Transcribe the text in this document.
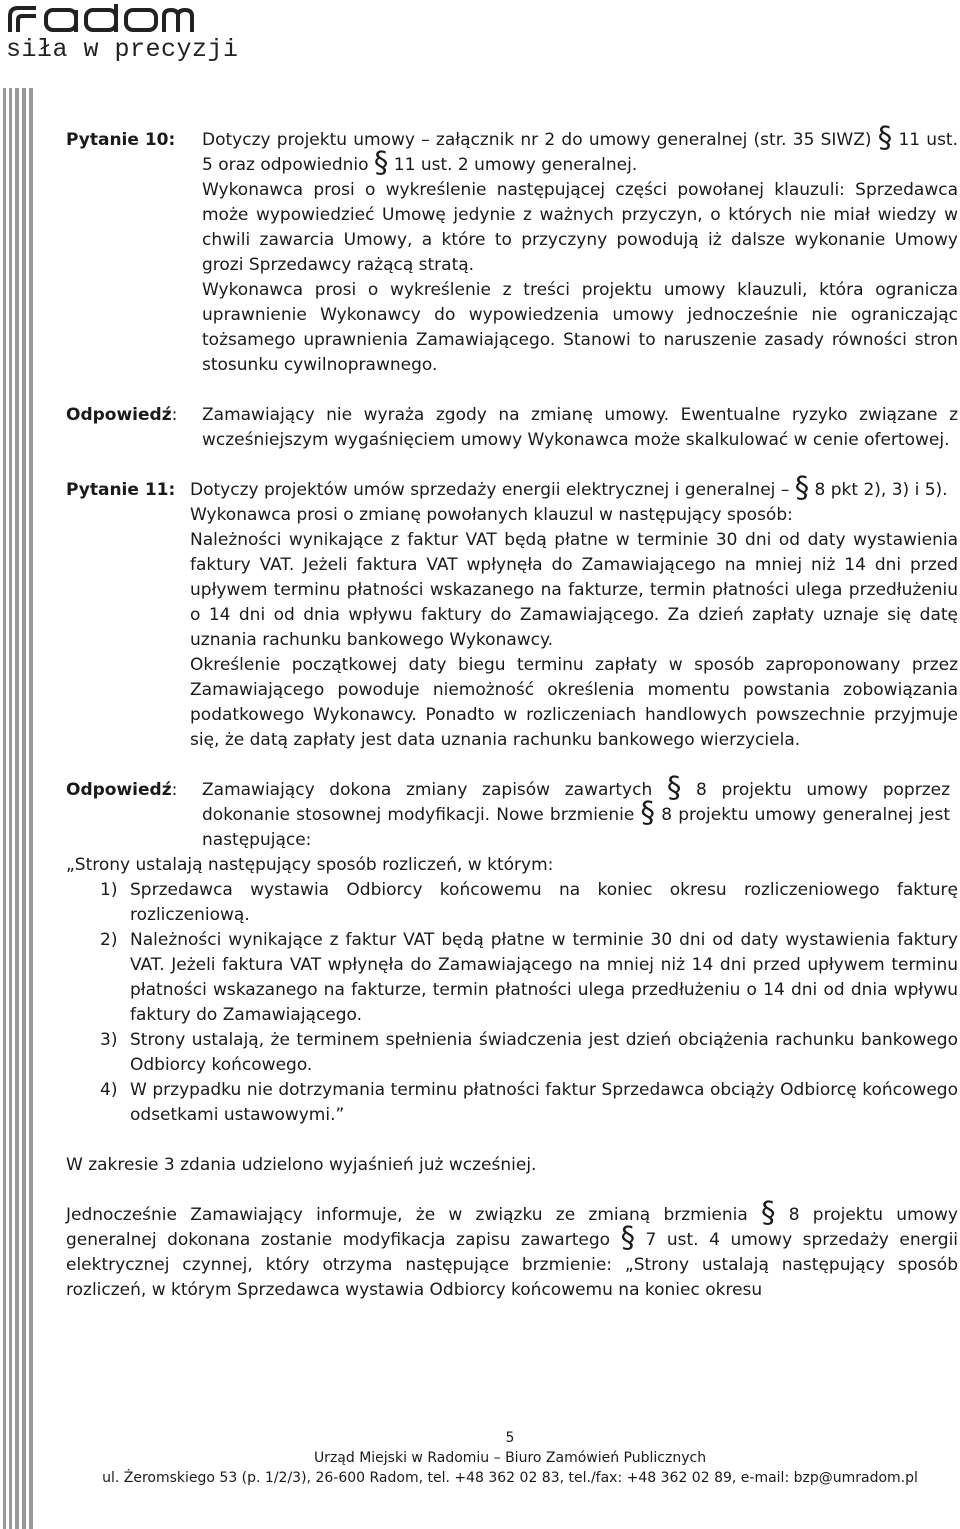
siła w precyzji
Pytanie 10:	Dotyczy projektu umowy – załącznik nr 2 do umowy generalnej (str. 35 SIWZ) § 11 ust. 5 oraz odpowiednio § 11 ust. 2 umowy generalnej.

Wykonawca prosi o wykreślenie następującej części powołanej klauzuli: Sprzedawca może wypowiedzieć Umowę jedynie z ważnych przyczyn, o których nie miał wiedzy w chwili zawarcia Umowy, a które to przyczyny powodują iż dalsze wykonanie Umowy grozi Sprzedawcy rażącą stratą.

Wykonawca prosi o wykreślenie z treści projektu umowy klauzuli, która ogranicza uprawnienie Wykonawcy do wypowiedzenia umowy jednocześnie nie ograniczając tożsamego uprawnienia Zamawiającego. Stanowi to naruszenie zasady równości stron stosunku cywilnoprawnego.

Odpowiedź:	Zamawiający nie wyraża zgody na zmianę umowy. Ewentualne ryzyko związane z wcześniejszym wygaśnięciem umowy Wykonawca może skalkulować w cenie ofertowej.
Pytanie 11: Dotyczy projektów umów sprzedaży energii elektrycznej i generalnej – § 8 pkt 2), 3) i 5).

Wykonawca prosi o zmianę powołanych klauzul w następujący sposób:

Należności wynikające z faktur VAT będą płatne w terminie 30 dni od daty wystawienia faktury VAT. Jeżeli faktura VAT wpłynęła do Zamawiającego na mniej niż 14 dni przed upływem terminu płatności wskazanego na fakturze, termin płatności ulega przedłużeniu o 14 dni od dnia wpływu faktury do Zamawiającego. Za dzień zapłaty uznaje się datę uznania rachunku bankowego Wykonawcy.

Określenie początkowej daty biegu terminu zapłaty w sposób zaproponowany przez Zamawiającego powoduje niemożność określenia momentu powstania zobowiązania podatkowego Wykonawcy. Ponadto w rozliczeniach handlowych powszechnie przyjmuje się, że datą zapłaty jest data uznania rachunku bankowego wierzyciela.

Odpowiedź:	Zamawiający dokona zmiany zapisów zawartych § 8 projektu umowy poprzez dokonanie stosownej modyfikacji. Nowe brzmienie § 8 projektu umowy generalnej jest następujące:

„Strony ustalają następujący sposób rozliczeń, w którym:

1) Sprzedawca wystawia Odbiorcy końcowemu na koniec okresu rozliczeniowego fakturę rozliczeniową.
2) Należności wynikające z faktur VAT będą płatne w terminie 30 dni od daty wystawienia faktury VAT. Jeżeli faktura VAT wpłynęła do Zamawiającego na mniej niż 14 dni przed upływem terminu płatności wskazanego na fakturze, termin płatności ulega przedłużeniu o 14 dni od dnia wpływu faktury do Zamawiającego.
3) Strony ustalają, że terminem spełnienia świadczenia jest dzień obciążenia rachunku bankowego Odbiorcy końcowego.
4) W przypadku nie dotrzymania terminu płatności faktur Sprzedawca obciąży Odbiorcę końcowego odsetkami ustawowymi.”

W zakresie 3 zdania udzielono wyjaśnień już wcześniej.

Jednocześnie Zamawiający informuje, że w związku ze zmianą brzmienia § 8 projektu umowy generalnej dokonana zostanie modyfikacja zapisu zawartego § 7 ust. 4 umowy sprzedaży energii elektrycznej czynnej, który otrzyma następujące brzmienie: „Strony ustalają następujący sposób rozliczeń, w którym Sprzedawca wystawia Odbiorcy końcowemu na koniec okresu

5
Urząd Miejski w Radomiu – Biuro Zamówień Publicznych
ul. Żeromskiego 53 (p. 1/2/3), 26-600 Radom, tel. +48 362 02 83, tel./fax: +48 362 02 89, e-mail: bzp@umradom.pl
